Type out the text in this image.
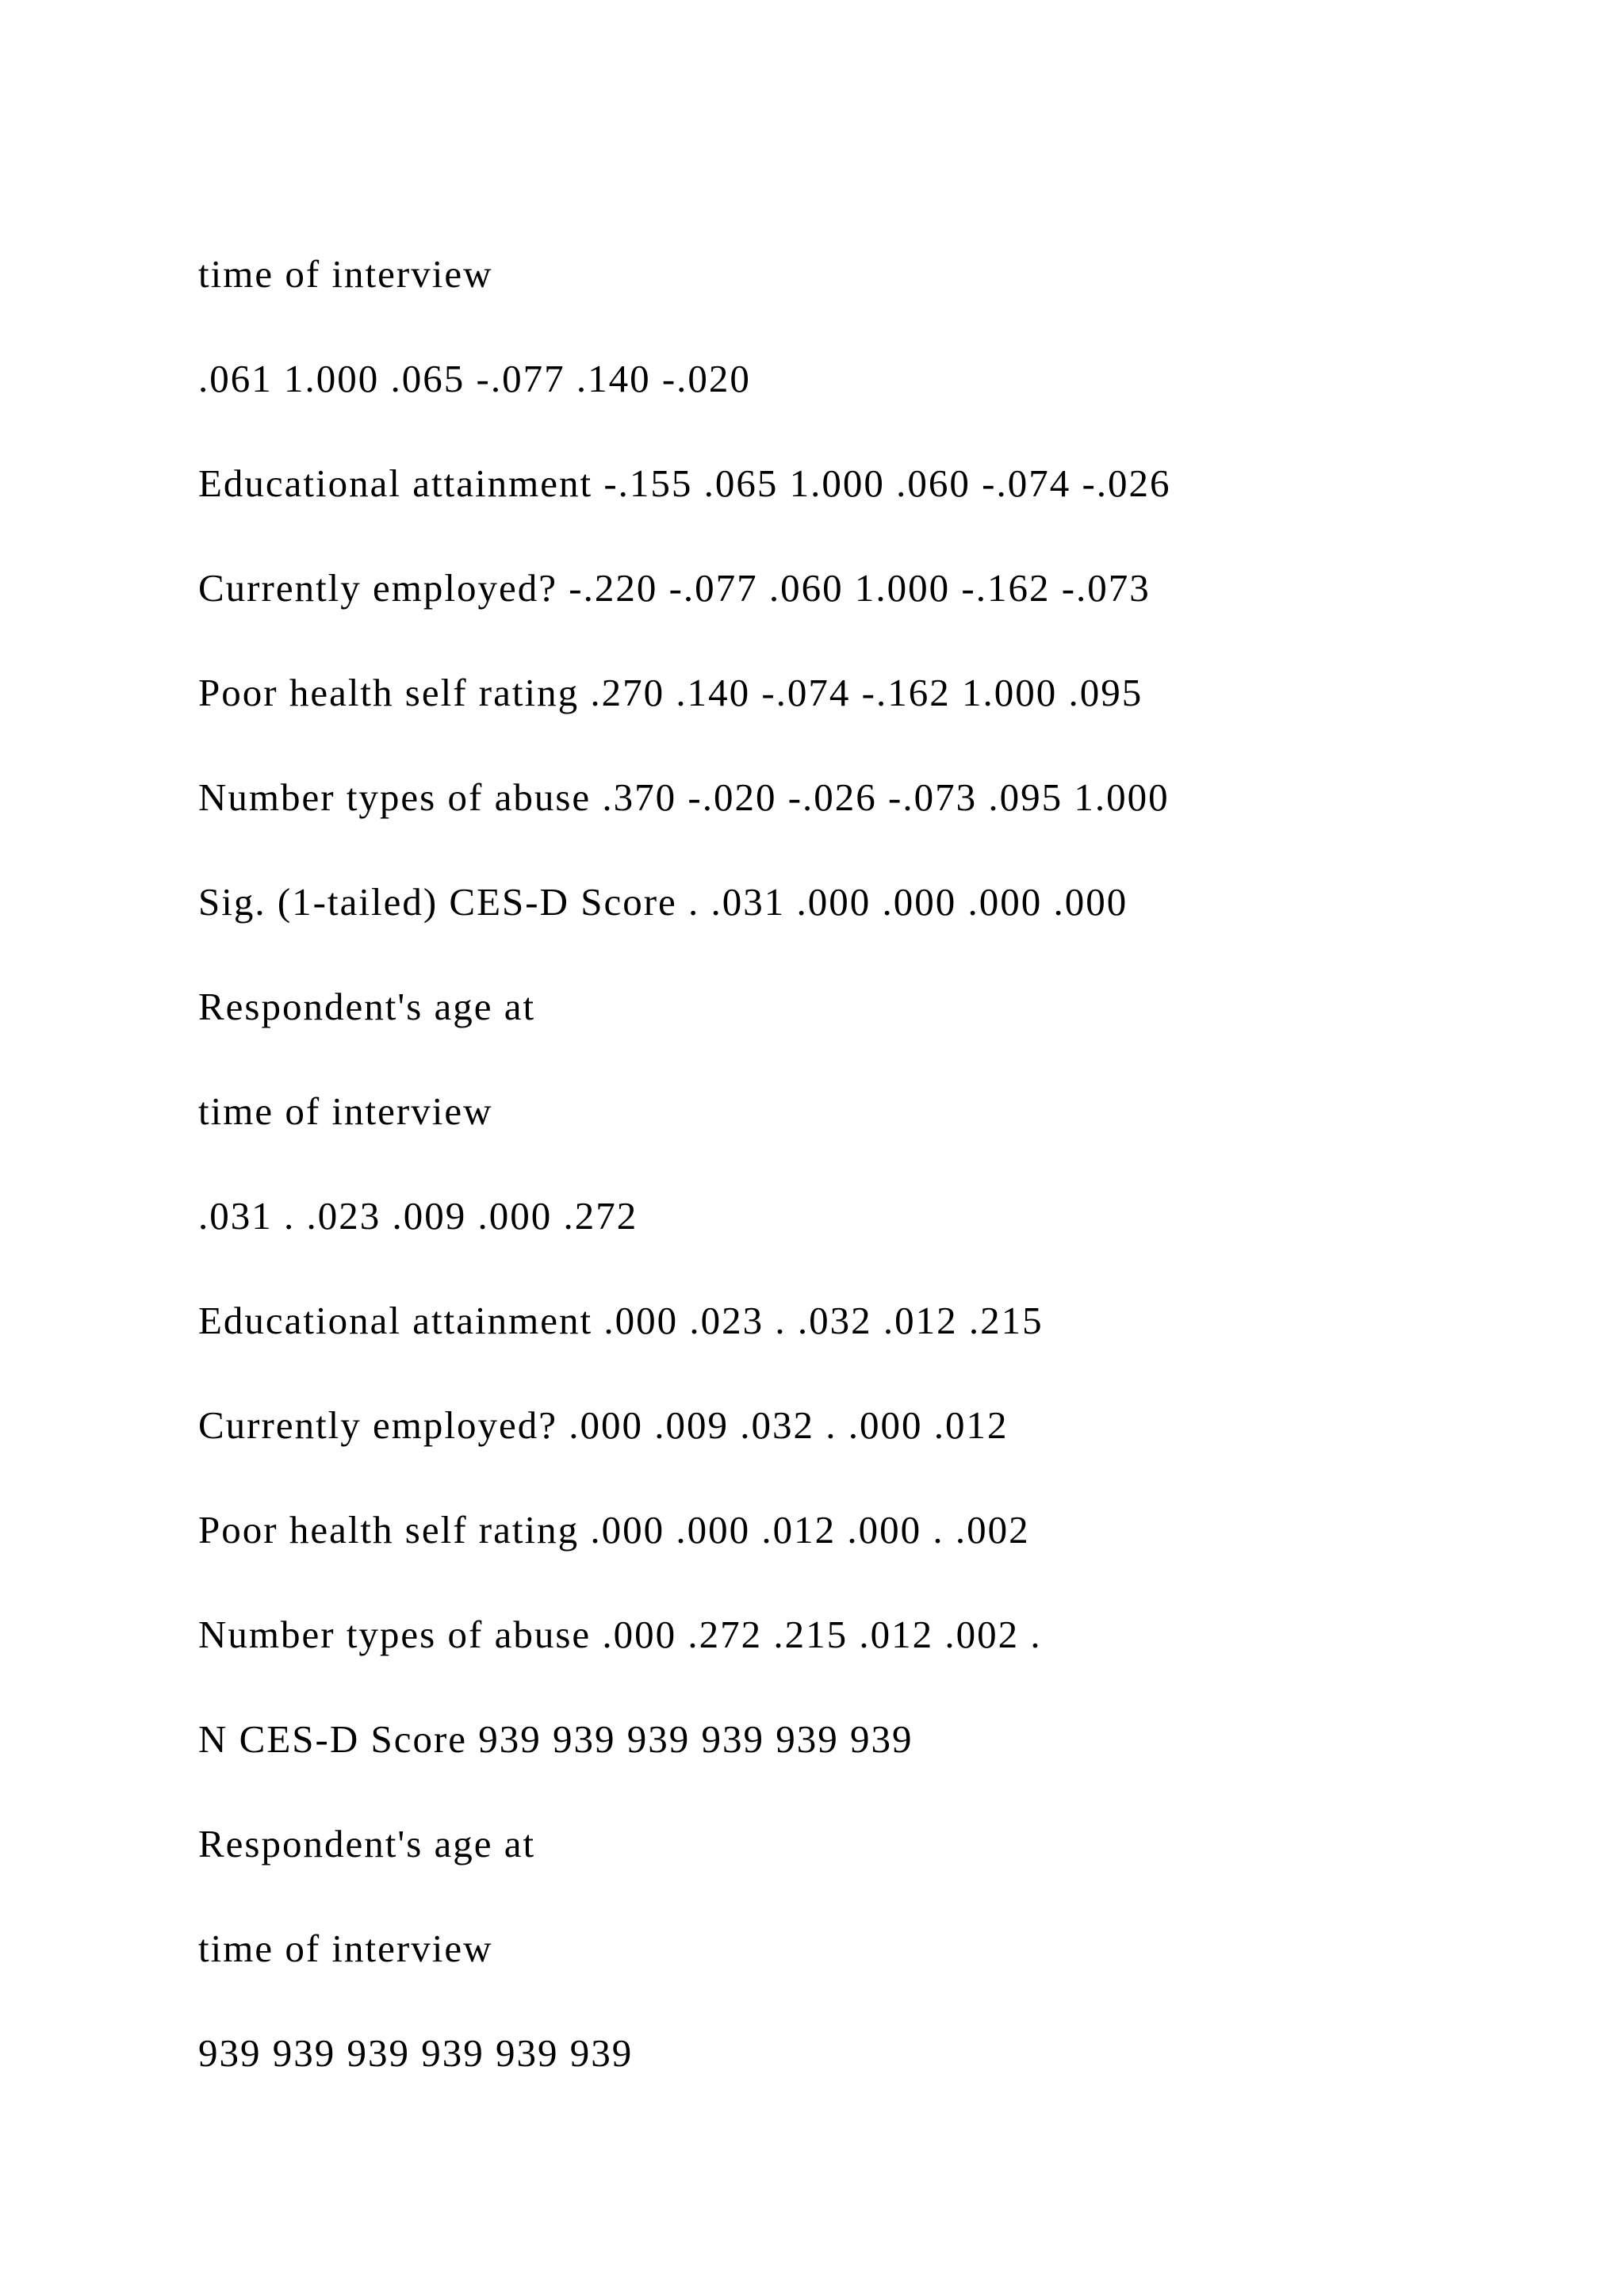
time of interview
.061 1.000 .065 -.077 .140 -.020
Educational attainment -.155 .065 1.000 .060 -.074 -.026
Currently employed? -.220 -.077 .060 1.000 -.162 -.073
Poor health self rating .270 .140 -.074 -.162 1.000 .095
Number types of abuse .370 -.020 -.026 -.073 .095 1.000
Sig. (1-tailed) CES-D Score . .031 .000 .000 .000 .000
Respondent's age at
time of interview
.031 . .023 .009 .000 .272
Educational attainment .000 .023 . .032 .012 .215
Currently employed? .000 .009 .032 . .000 .012
Poor health self rating .000 .000 .012 .000 . .002
Number types of abuse .000 .272 .215 .012 .002 .
N CES-D Score 939 939 939 939 939 939
Respondent's age at
time of interview
939 939 939 939 939 939
